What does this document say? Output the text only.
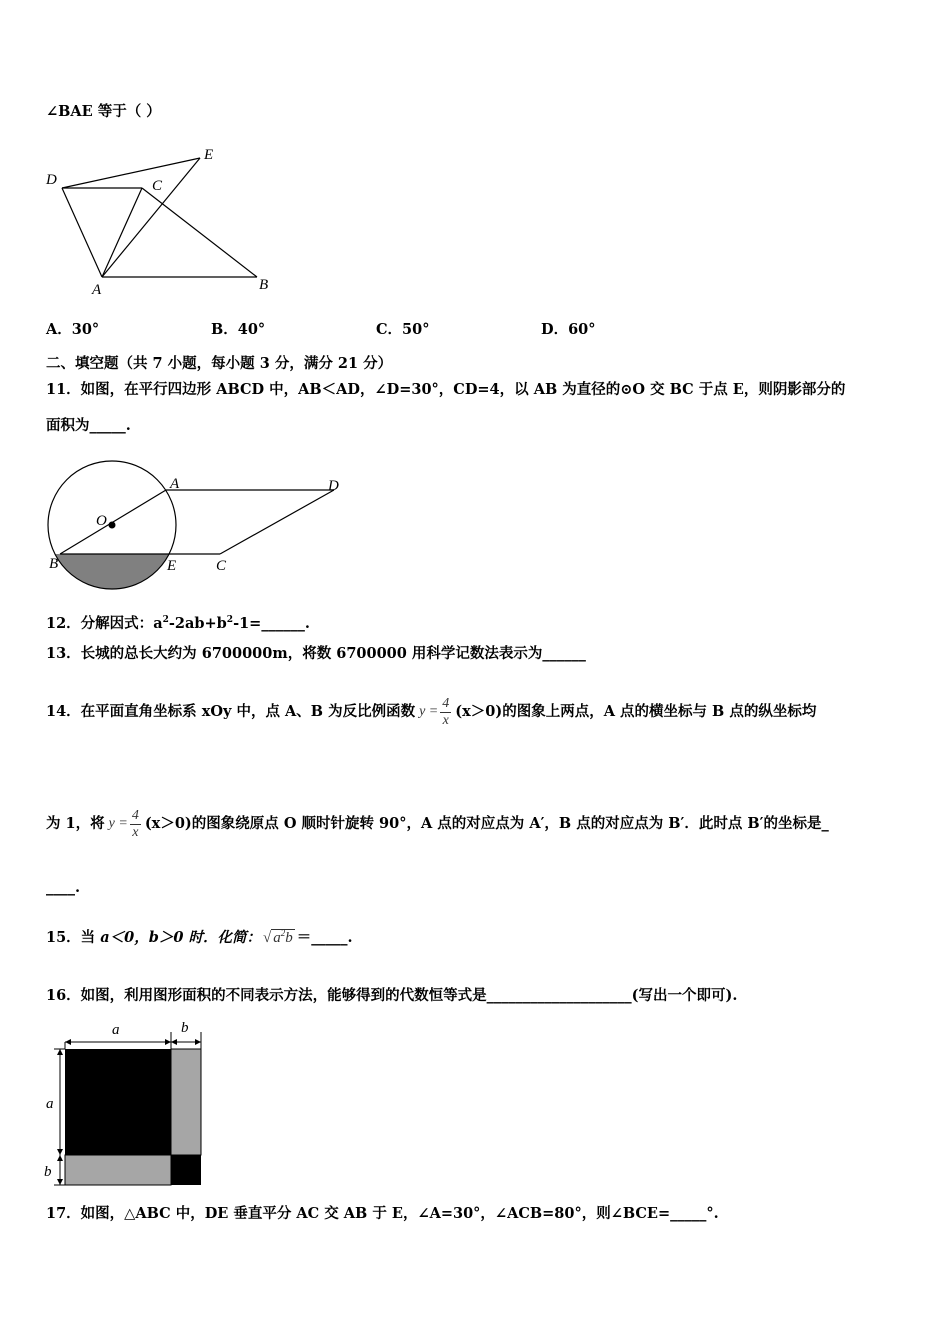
∠BAE 等于（ ）
D	C
E
A	B
A．30°	B．40°	C．50°	D．60°
二、填空题（共 7 小题，每小题 3 分，满分 21 分）
11．如图，在平行四边形 ABCD 中，AB＜AD，∠D=30°，CD=4，以 AB 为直径的⊙O 交 BC 于点 E，则阴影部分的
面积为_____.
A	D
O
B	E	C
12．分解因式：$a^2-2ab+b^2-1=\_\_\_\_\_\_$.
13．长城的总长大约为 6700000m，将数 6700000 用科学记数法表示为______
14．在平面直角坐标系 xOy 中，点 A、B 为反比例函数 $y = \frac{4}{x} (x>0)$的图象上两点，A 点的横坐标与 B 点的纵坐标均
为 1，将 $y = \frac{4}{x} (x>0)$的图象绕原点 O 顺时针旋转 90°，A 点的对应点为 A′，B 点的对应点为 B′．此时点 B′的坐标是_
____.
15．当 a＜0，b＞0 时．化简： √ $a^2b$ ＝_____.
16．如图，利用图形面积的不同表示方法，能够得到的代数恒等式是____________________(写出一个即可).
a	b
a
b
17．如图，△ABC 中，DE 垂直平分 AC 交 AB 于 E，∠A=30°，∠ACB=80°，则∠BCE=_____°.
